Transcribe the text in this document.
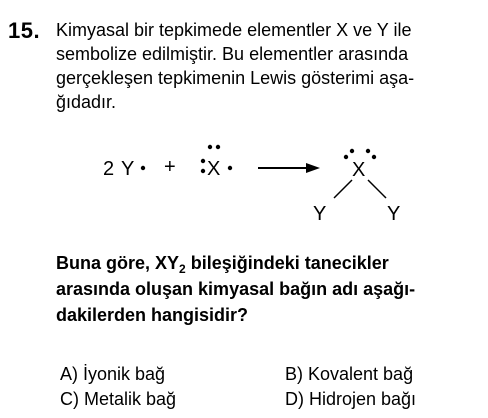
15. Kimyasal bir tepkimede elementler X ve Y ile
sembolize edilmiştir. Bu elementler arasında
gerçekleşen tepkimenin Lewis gösterimi aşa-
ğıdadır.
2 Y + X	X
Y	Y
Buna göre, $XY_2$ bileşiğindeki tanecikler
arasında oluşan kimyasal bağın adı aşağı-
dakilerden hangisidir?
A) İyonik bağ	B) Kovalent bağ
C) Metalik bağ	D) Hidrojen bağı
